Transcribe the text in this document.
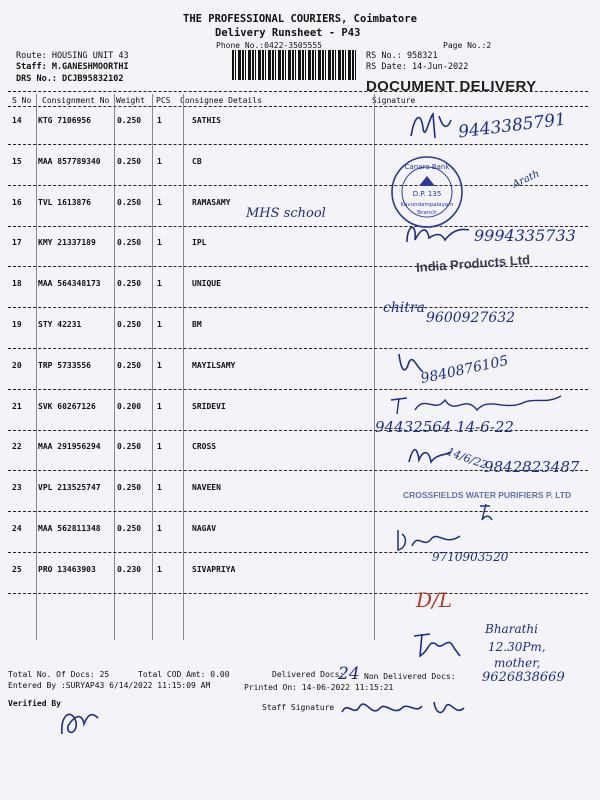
THE PROFESSIONAL COURIERS, Coimbatore
Delivery Runsheet - P43
Phone No.:0422-3505555	Page No.:2
Route: HOUSING UNIT 43
Staff: M.GANESHMOORTHI
DRS No.: DCJB95832102
RS No.: 958321
RS Date: 14-Jun-2022
DOCUMENT DELIVERY
S No Consignment No Weight PCS Consignee Details	Signature
14 KTG 7106956	0.250 1	SATHIS
15 MAA 857789340 0.250 1	CB
16 TVL 1613876	0.250 1	RAMASAMY
17 KMY 21337189	0.250 1	IPL
18 MAA 564348173 0.250 1	UNIQUE
19 STY 42231	0.250 1	BM
20 TRP 5733556	0.250 1	MAYILSAMY
21 SVK 60267126	0.200 1	SRIDEVI
22 MAA 291956294 0.250 1	CROSS
23 VPL 213525747 0.250 1	NAVEEN
24 MAA 562811348 0.250 1	NAGAV
25 PRO 13463903	0.230 1	SIVAPRIYA
9443385791
Canara Bank
D.P. 135
Kavundampalayam
Branch
Arath
MHS school
9994335733
India Products Ltd
chitra
9600927632
9840876105
94432564 14-6-22
14/6/22
9842823487
CROSSFIELDS WATER PURIFIERS P. LTD
9710903520
D/L
Bharathi
12.30Pm,
mother,
9626838669
Total No. Of Docs: 25	Total COD Amt: 0.00	Delivered Docs:
24 Non Delivered Docs:
Entered By :SURYAP43 6/14/2022 11:15:09 AM	Printed On: 14-06-2022 11:15:21
Verified By	Staff Signature
